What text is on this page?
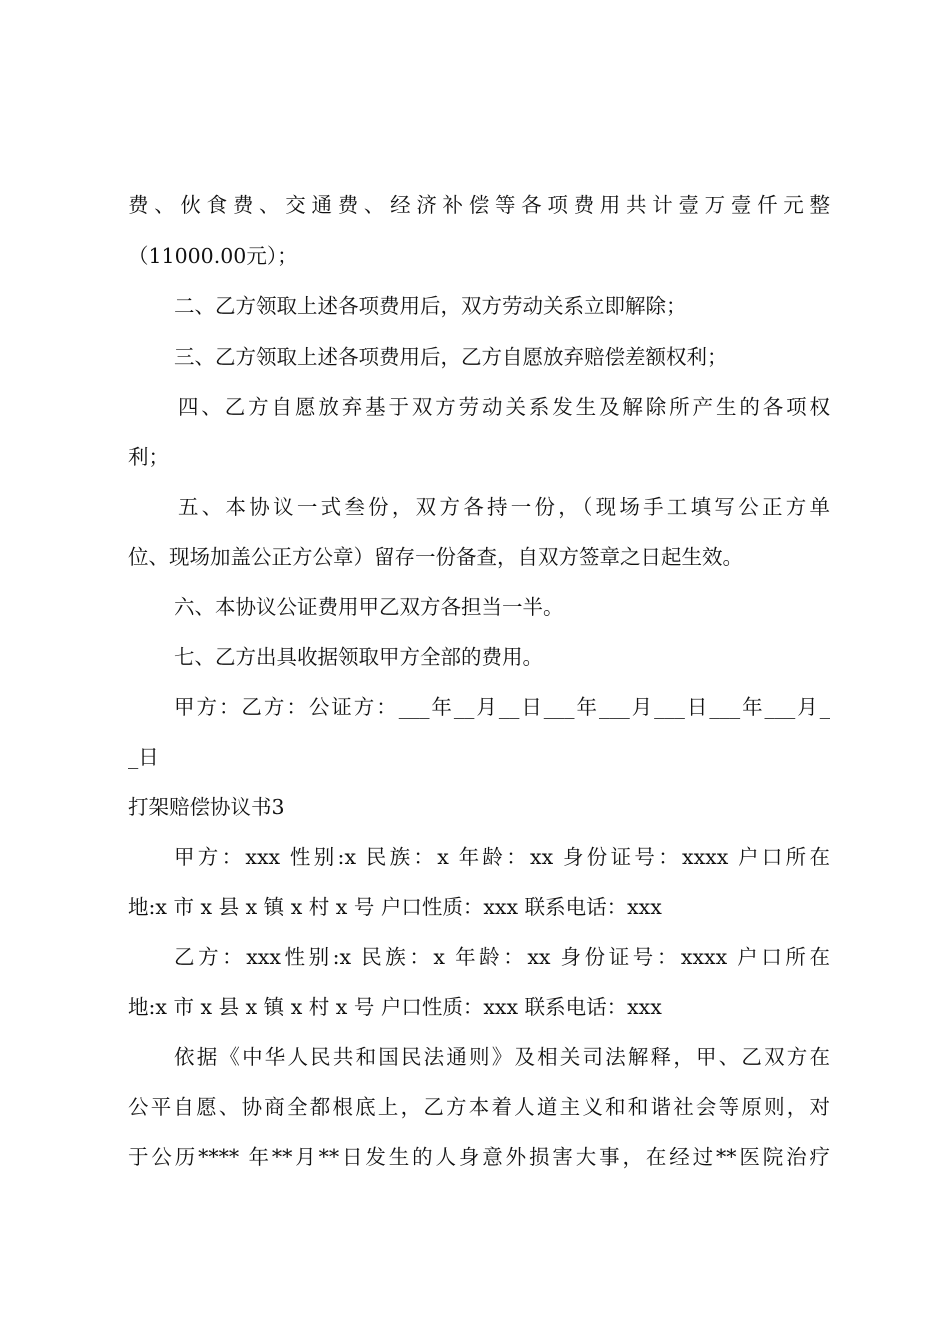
费、伙食费、交通费、经济补偿等各项费用共计壹万壹仟元整
（11000.00元）；
二、乙方领取上述各项费用后，双方劳动关系立即解除；
三、乙方领取上述各项费用后，乙方自愿放弃赔偿差额权利；
四、乙方自愿放弃基于双方劳动关系发生及解除所产生的各项权
利；
五、本协议一式叁份，双方各持一份，（现场手工填写公正方单
位、现场加盖公正方公章）留存一份备查，自双方签章之日起生效。
六、本协议公证费用甲乙双方各担当一半。
七、乙方出具收据领取甲方全部的费用。
甲方：乙方：公证方：___年__月__日___年___月___日___年___月_
_日
打架赔偿协议书3
甲方：xxx 性别:x 民族：x 年龄：xx 身份证号：xxxx 户口所在
地:x 市 x 县 x 镇 x 村 x 号 户口性质：xxx 联系电话：xxx
乙方：xxx性别:x 民族：x 年龄：xx 身份证号：xxxx 户口所在
地:x 市 x 县 x 镇 x 村 x 号 户口性质：xxx 联系电话：xxx
依据《中华人民共和国民法通则》及相关司法解释，甲、乙双方在
公平自愿、协商全都根底上，乙方本着人道主义和和谐社会等原则，对
于公历**** 年**月**日发生的人身意外损害大事，在经过**医院治疗
